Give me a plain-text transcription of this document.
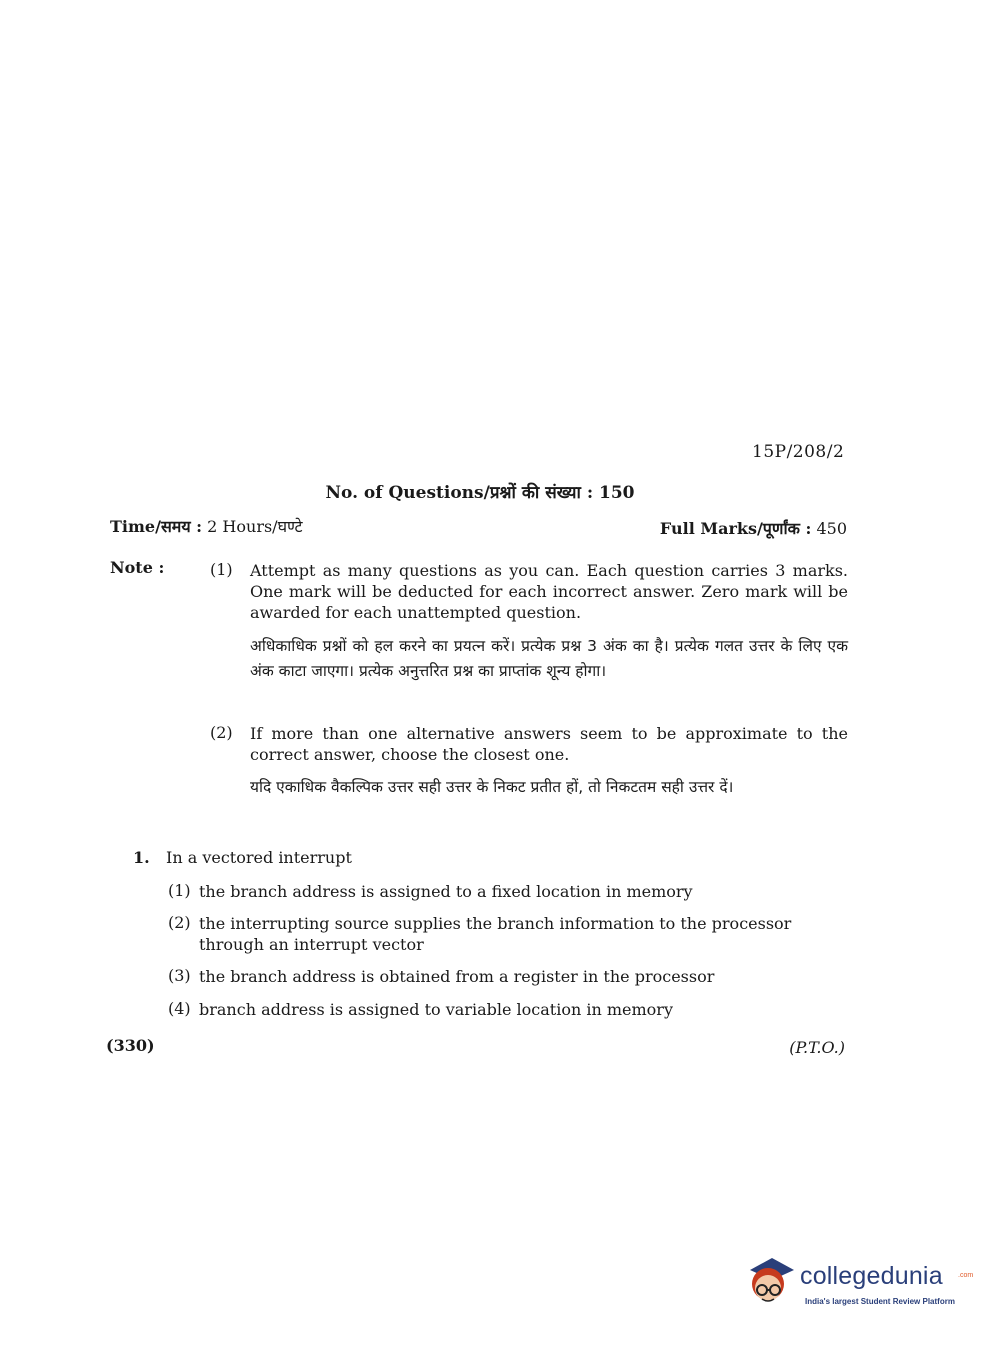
15P/208/2
No. of Questions/प्रश्नों की संख्या : 150
Time/समय : 2 Hours/घण्टे	Full Marks/पूर्णांक : 450
Note :	(1) Attempt as many questions as you can. Each question carries 3 marks. One mark will be deducted for each incorrect answer. Zero mark will be awarded for each unattempted question.
अधिकाधिक प्रश्नों को हल करने का प्रयत्न करें। प्रत्येक प्रश्न 3 अंक का है। प्रत्येक गलत उत्तर के लिए एक अंक काटा जाएगा। प्रत्येक अनुत्तरित प्रश्न का प्राप्तांक शून्य होगा।
(2) If more than one alternative answers seem to be approximate to the correct answer, choose the closest one.
यदि एकाधिक वैकल्पिक उत्तर सही उत्तर के निकट प्रतीत हों, तो निकटतम सही उत्तर दें।
1. In a vectored interrupt
(1) the branch address is assigned to a fixed location in memory
(2) the interrupting source supplies the branch information to the processor through an interrupt vector
(3) the branch address is obtained from a register in the processor
(4) branch address is assigned to variable location in memory
(330)	(P.T.O.)
collegedunia .com
India's largest Student Review Platform
